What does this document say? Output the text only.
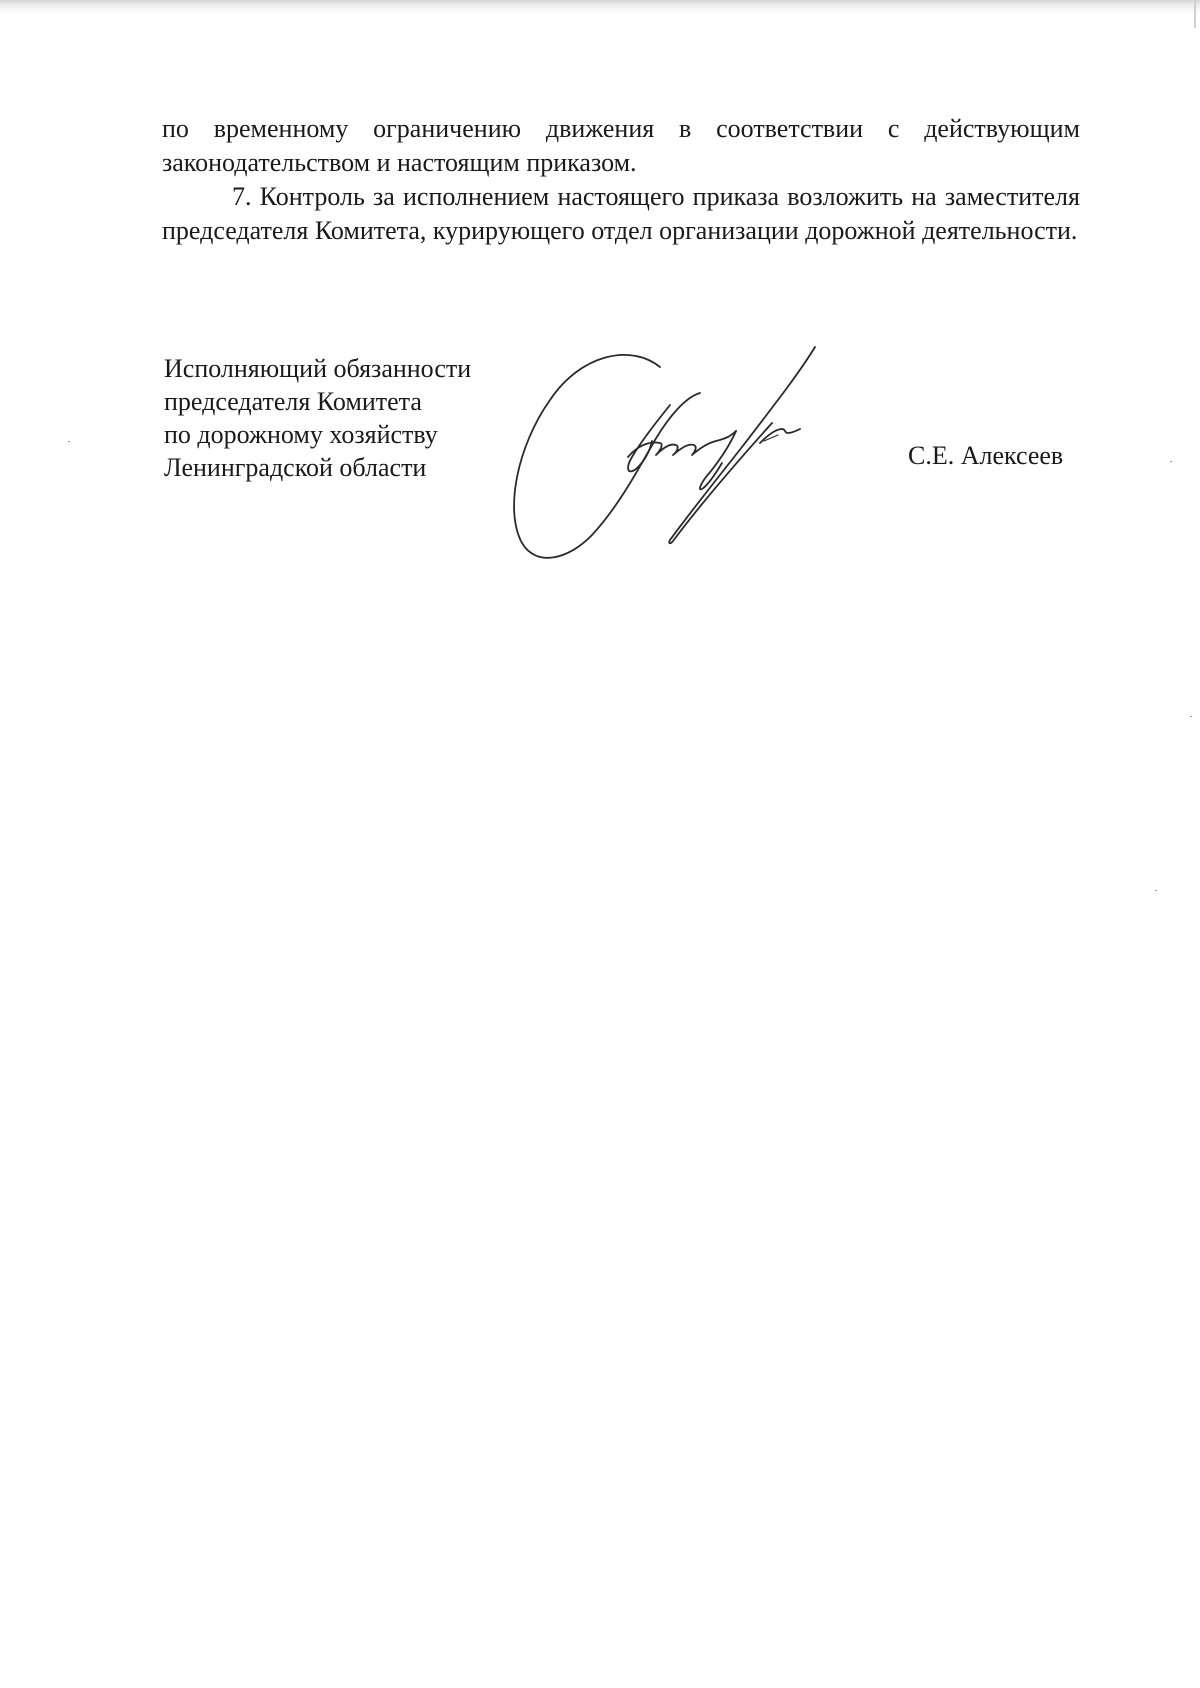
по временному ограничению движения в соответствии с действующим
законодательством и настоящим приказом.

7. Контроль за исполнением настоящего приказа возложить на заместителя председателя Комитета, курирующего отдел организации дорожной деятельности.

Исполняющий обязанности
председателя Комитета
по дорожному хозяйству
Ленинградской области	С.Е. Алексеев
